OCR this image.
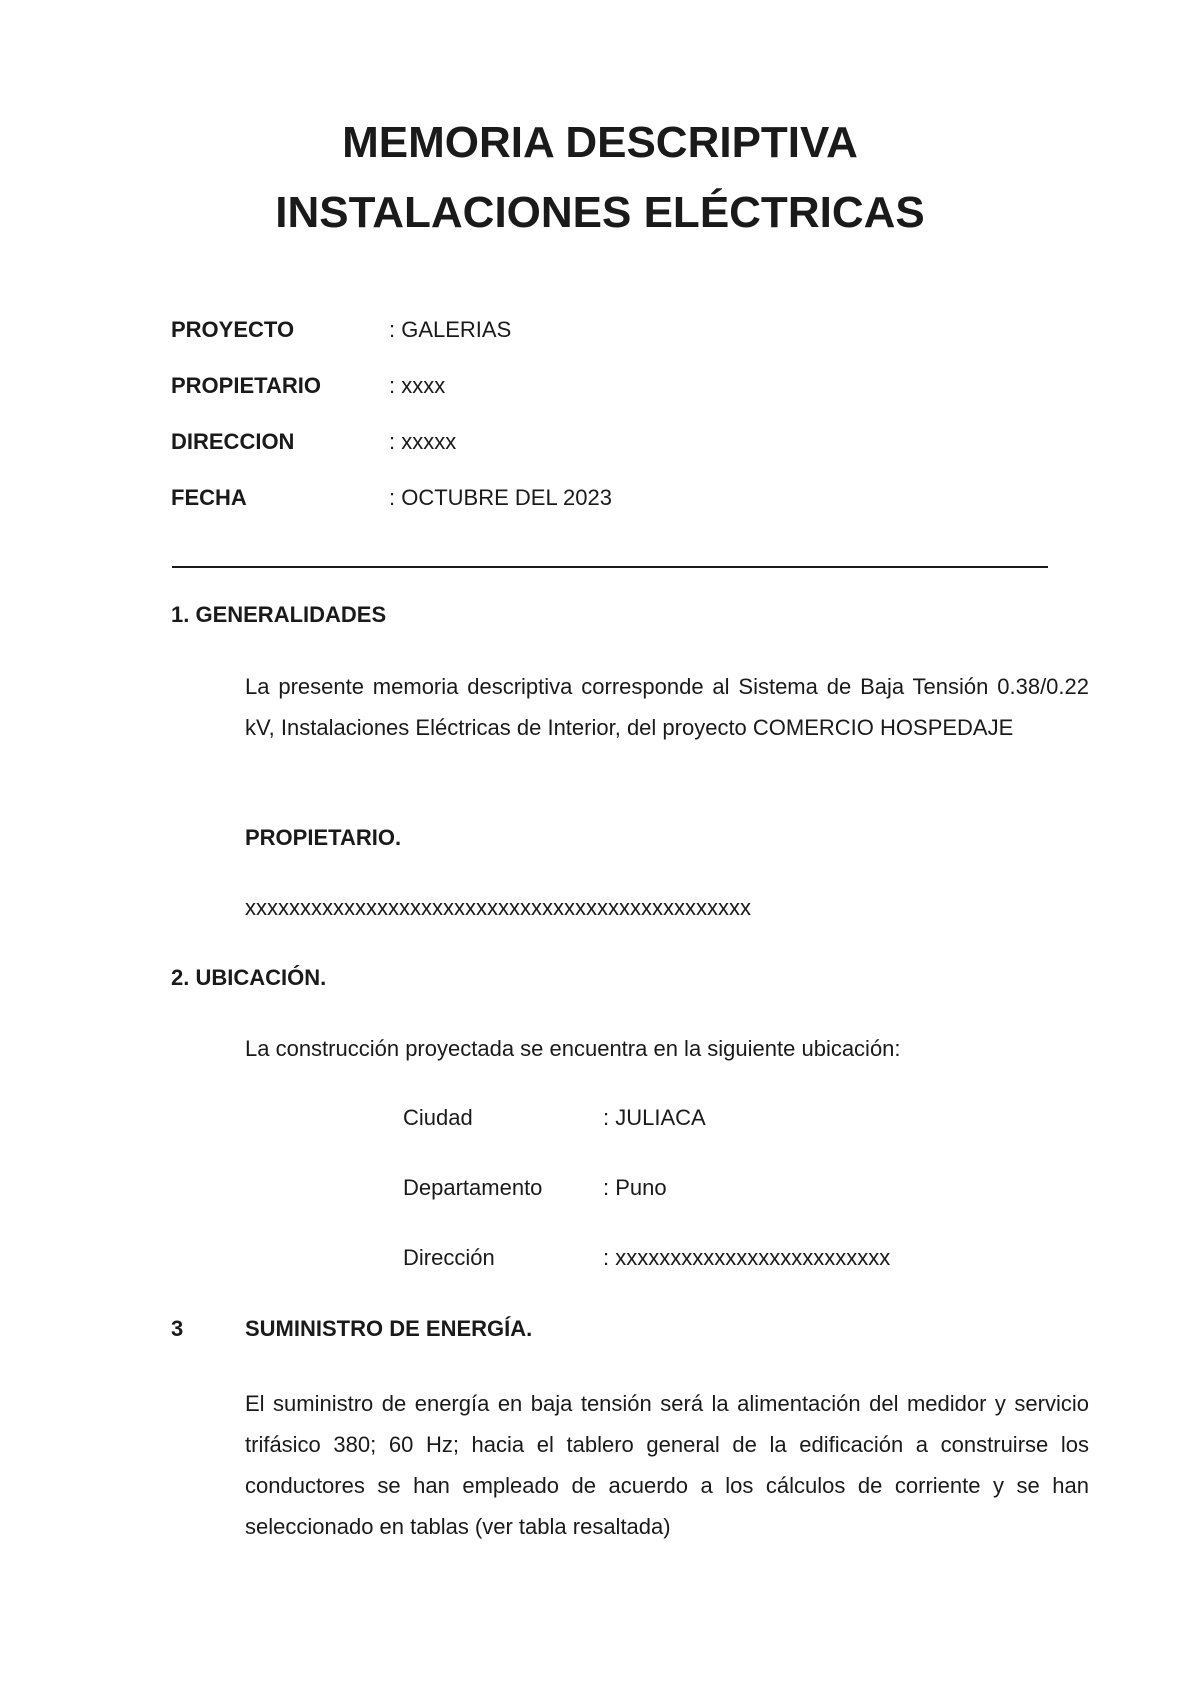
MEMORIA DESCRIPTIVA
INSTALACIONES ELÉCTRICAS
PROYECTO	: GALERIAS
PROPIETARIO	: xxxx
DIRECCION	: xxxxx
FECHA	: OCTUBRE DEL 2023
1. GENERALIDADES

La presente memoria descriptiva corresponde al Sistema de Baja Tensión 0.38/0.22 kV, Instalaciones Eléctricas de Interior, del proyecto COMERCIO HOSPEDAJE

PROPIETARIO.
xxxxxxxxxxxxxxxxxxxxxxxxxxxxxxxxxxxxxxxxxxxxxx
2. UBICACIÓN.
La construcción proyectada se encuentra en la siguiente ubicación:
Ciudad	: JULIACA
Departamento	: Puno
Dirección	: xxxxxxxxxxxxxxxxxxxxxxxxx
3	SUMINISTRO DE ENERGÍA.

El suministro de energía en baja tensión será la alimentación del medidor y servicio trifásico 380; 60 Hz; hacia el tablero general de la edificación a construirse los conductores se han empleado de acuerdo a los cálculos de corriente y se han seleccionado en tablas (ver tabla resaltada)
